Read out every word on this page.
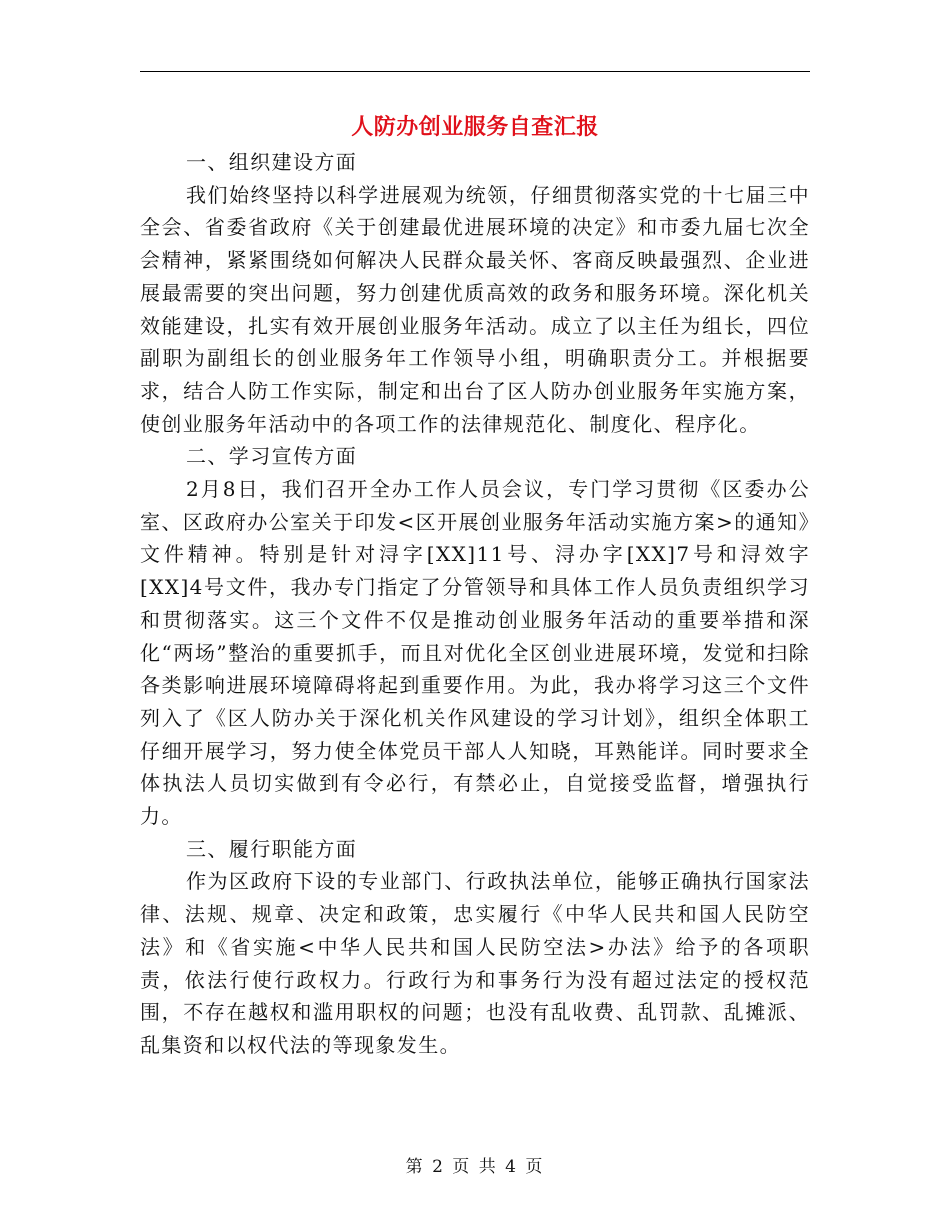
人防办创业服务自查汇报

一、组织建设方面

我们始终坚持以科学进展观为统领，仔细贯彻落实党的十七届三中全会、省委省政府《关于创建最优进展环境的决定》和市委九届七次全会精神，紧紧围绕如何解决人民群众最关怀、客商反映最强烈、企业进展最需要的突出问题，努力创建优质高效的政务和服务环境。深化机关效能建设，扎实有效开展创业服务年活动。成立了以主任为组长，四位副职为副组长的创业服务年工作领导小组，明确职责分工。并根据要求，结合人防工作实际，制定和出台了区人防办创业服务年实施方案，使创业服务年活动中的各项工作的法律规范化、制度化、程序化。

二、学习宣传方面

2月8日，我们召开全办工作人员会议，专门学习贯彻《区委办公室、区政府办公室关于印发<区开展创业服务年活动实施方案>的通知》文件精神。特别是针对浔字[XX]11号、浔办字[XX]7号和浔效字[XX]4号文件，我办专门指定了分管领导和具体工作人员负责组织学习和贯彻落实。这三个文件不仅是推动创业服务年活动的重要举措和深化“两场”整治的重要抓手，而且对优化全区创业进展环境，发觉和扫除各类影响进展环境障碍将起到重要作用。为此，我办将学习这三个文件列入了《区人防办关于深化机关作风建设的学习计划》，组织全体职工仔细开展学习，努力使全体党员干部人人知晓，耳熟能详。同时要求全体执法人员切实做到有令必行，有禁必止，自觉接受监督，增强执行力。

三、履行职能方面

作为区政府下设的专业部门、行政执法单位，能够正确执行国家法律、法规、规章、决定和政策，忠实履行《中华人民共和国人民防空法》和《省实施<中华人民共和国人民防空法>办法》给予的各项职责，依法行使行政权力。行政行为和事务行为没有超过法定的授权范围，不存在越权和滥用职权的问题；也没有乱收费、乱罚款、乱摊派、乱集资和以权代法的等现象发生。

第 2 页 共 4 页
